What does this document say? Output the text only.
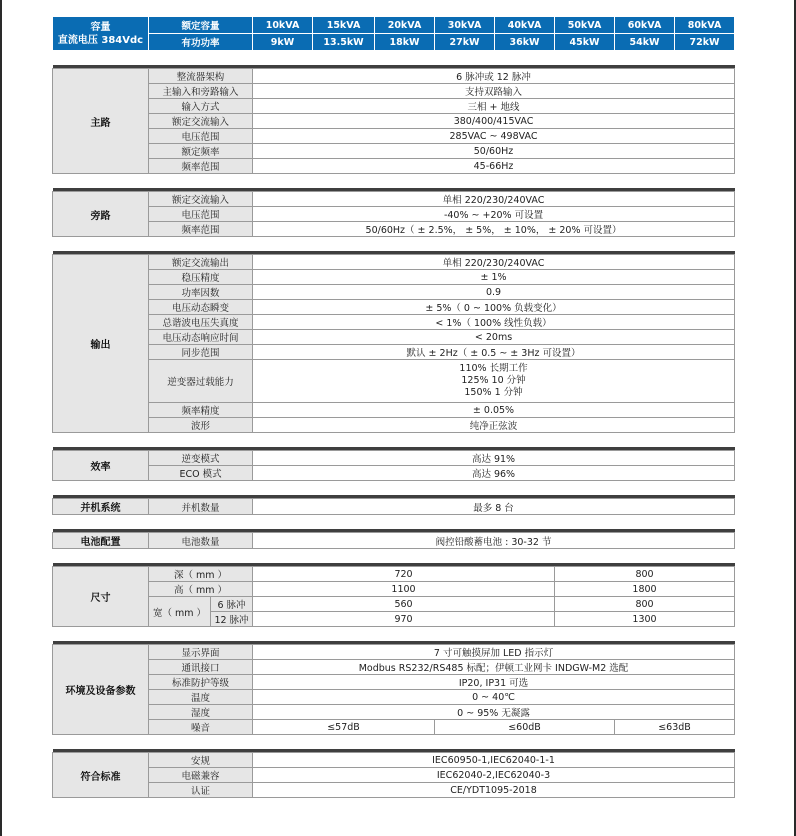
容量
直流电压 384Vdc	额定容量		10kVA	15kVA	20kVA	30kVA	40kVA	50kVA	60kVA	80kVA
	有功功率		9kW	13.5kW	18kW	27kW	36kW	45kW	54kW	72kW

主路	整流器架构		6 脉冲或 12 脉冲							
	主输入和旁路输入		支持双路输入							
	输入方式		三相 + 地线							
	额定交流输入		380/400/415VAC							
	电压范围		285VAC ~ 498VAC							
	额定频率		50/60Hz							
	频率范围		45-66Hz							

旁路	额定交流输入		单相 220/230/240VAC							
	电压范围		-40% ~ +20% 可设置							
	频率范围		50/60Hz（ ± 2.5%， ± 5%， ± 10%， ± 20% 可设置）							

输出	额定交流输出		单相 220/230/240VAC							
	稳压精度		± 1%							
	功率因数		0.9							
	电压动态瞬变		± 5%（ 0 ~ 100% 负载变化）							
	总谐波电压失真度		< 1%（ 100% 线性负载）							
	电压动态响应时间		< 20ms							
	同步范围		默认 ± 2Hz（ ± 0.5 ~ ± 3Hz 可设置）							
	逆变器过载能力		110% 长期工作
125% 10 分钟
150% 1 分钟							

	频率精度		± 0.05%							
	波形		纯净正弦波							

效率	逆变模式		高达 91%							
	ECO 模式		高达 96%							

并机系统	并机数量		最多 8 台							

电池配置	电池数量		阀控铅酸蓄电池 : 30-32 节							

尺寸	深（ mm ）		720					800		
	高（ mm ）		1100					1800		
	宽（ mm ）	6 脉冲	560					800		
		12 脉冲	970					1300		

环境及设备参数	显示界面		7 寸可触摸屏加 LED 指示灯							
	通讯接口		Modbus RS232/RS485 标配；伊顿工业网卡 INDGW-M2 选配							
	标准防护等级		IP20, IP31 可选							
	温度		0 ~ 40℃							
	湿度		0 ~ 95% 无凝露							
	噪音		≤57dB			≤60dB			≤63dB	

符合标准	安规		IEC60950-1,IEC62040-1-1							
	电磁兼容		IEC62040-2,IEC62040-3							
	认证		CE/YDT1095-2018							
